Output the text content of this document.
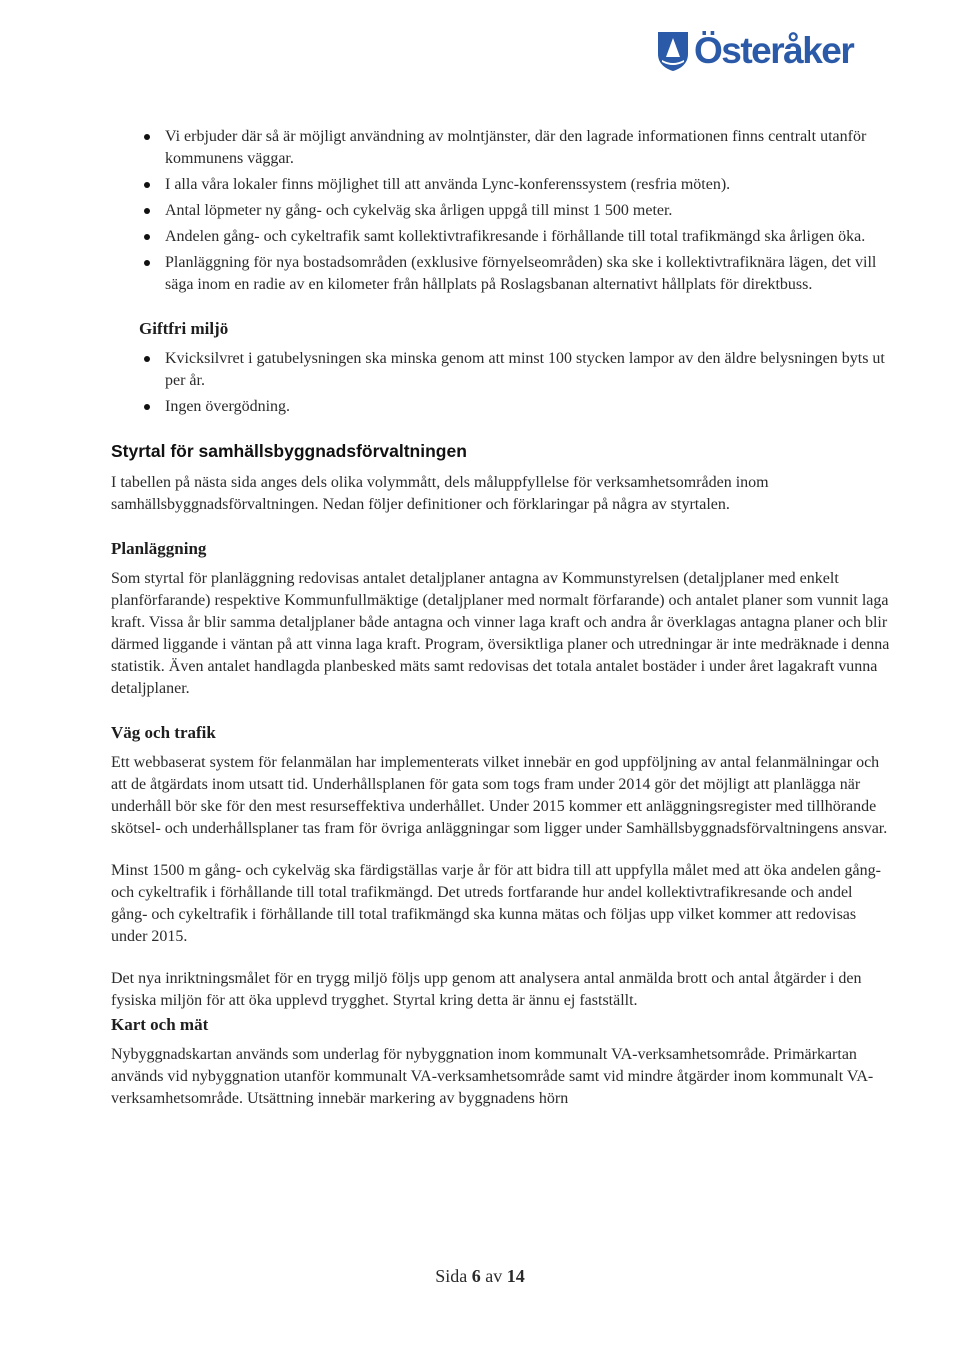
Österåker
Vi erbjuder där så är möjligt användning av molntjänster, där den lagrade informationen finns centralt utanför kommunens väggar.
I alla våra lokaler finns möjlighet till att använda Lync-konferenssystem (resfria möten).
Antal löpmeter ny gång- och cykelväg ska årligen uppgå till minst 1 500 meter.
Andelen gång- och cykeltrafik samt kollektivtrafikresande i förhållande till total trafikmängd ska årligen öka.
Planläggning för nya bostadsområden (exklusive förnyelseområden) ska ske i kollektivtrafiknära lägen, det vill säga inom en radie av en kilometer från hållplats på Roslagsbanan alternativt hållplats för direktbuss.
Giftfri miljö
Kvicksilvret i gatubelysningen ska minska genom att minst 100 stycken lampor av den äldre belysningen byts ut per år.
Ingen övergödning.
Styrtal för samhällsbyggnadsförvaltningen

I tabellen på nästa sida anges dels olika volymmått, dels måluppfyllelse för verksamhetsområden inom samhällsbyggnadsförvaltningen. Nedan följer definitioner och förklaringar på några av styrtalen.

Planläggning

Som styrtal för planläggning redovisas antalet detaljplaner antagna av Kommunstyrelsen (detaljplaner med enkelt planförfarande) respektive Kommunfullmäktige (detaljplaner med normalt förfarande) och antalet planer som vunnit laga kraft. Vissa år blir samma detaljplaner både antagna och vinner laga kraft och andra år överklagas antagna planer och blir därmed liggande i väntan på att vinna laga kraft. Program, översiktliga planer och utredningar är inte medräknade i denna statistik. Även antalet handlagda planbesked mäts samt redovisas det totala antalet bostäder i under året lagakraft vunna detaljplaner.

Väg och trafik

Ett webbaserat system för felanmälan har implementerats vilket innebär en god uppföljning av antal felanmälningar och att de åtgärdats inom utsatt tid. Underhållsplanen för gata som togs fram under 2014 gör det möjligt att planlägga när underhåll bör ske för den mest resurseffektiva underhållet. Under 2015 kommer ett anläggningsregister med tillhörande skötsel- och underhållsplaner tas fram för övriga anläggningar som ligger under Samhällsbyggnadsförvaltningens ansvar.

Minst 1500 m gång- och cykelväg ska färdigställas varje år för att bidra till att uppfylla målet med att öka andelen gång- och cykeltrafik i förhållande till total trafikmängd. Det utreds fortfarande hur andel kollektivtrafikresande och andel gång- och cykeltrafik i förhållande till total trafikmängd ska kunna mätas och följas upp vilket kommer att redovisas under 2015.

Det nya inriktningsmålet för en trygg miljö följs upp genom att analysera antal anmälda brott och antal åtgärder i den fysiska miljön för att öka upplevd trygghet. Styrtal kring detta är ännu ej fastställt.

Kart och mät

Nybyggnadskartan används som underlag för nybyggnation inom kommunalt VA-verksamhetsområde. Primärkartan används vid nybyggnation utanför kommunalt VA-verksamhetsområde samt vid mindre åtgärder inom kommunalt VA-verksamhetsområde. Utsättning innebär markering av byggnadens hörn

Sida 6 av 14
